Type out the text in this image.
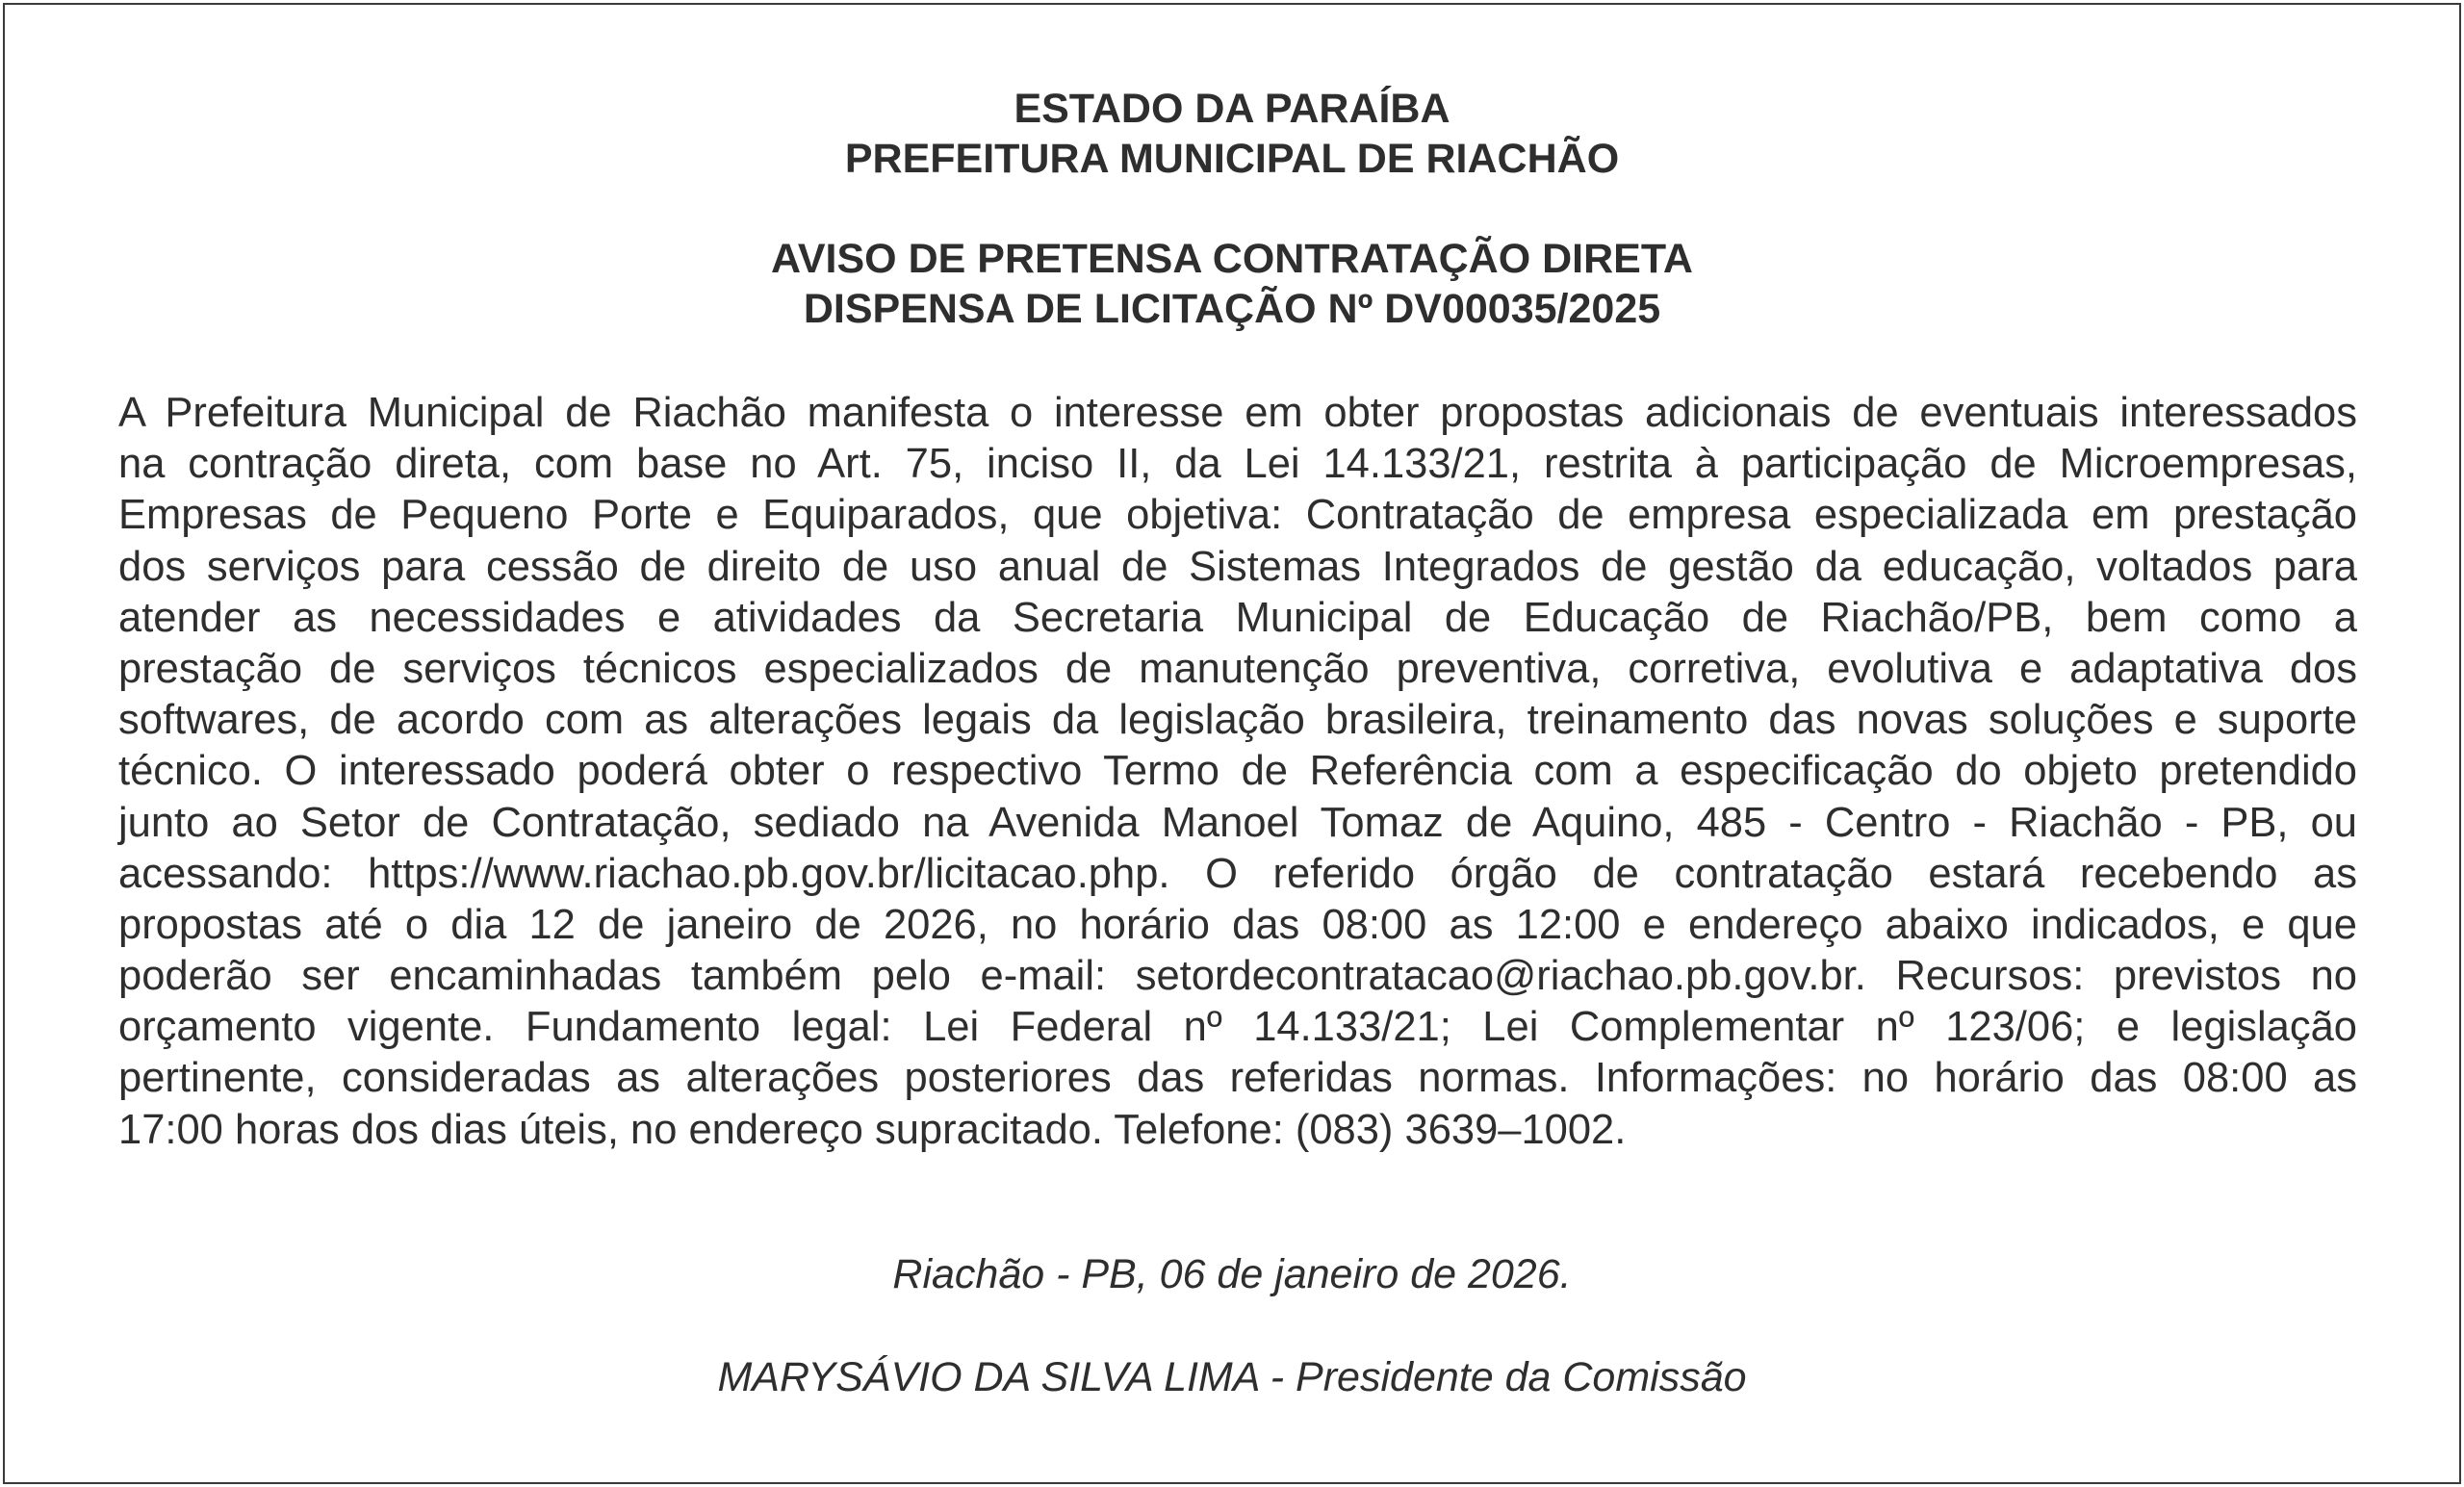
ESTADO DA PARAÍBA
PREFEITURA MUNICIPAL DE RIACHÃO
AVISO DE PRETENSA CONTRATAÇÃO DIRETA
DISPENSA DE LICITAÇÃO Nº DV00035/2025
A Prefeitura Municipal de Riachão manifesta o interesse em obter propostas adicionais de eventuais interessados
na contração direta, com base no Art. 75, inciso II, da Lei 14.133/21, restrita à participação de Microempresas,
Empresas de Pequeno Porte e Equiparados, que objetiva: Contratação de empresa especializada em prestação
dos serviços para cessão de direito de uso anual de Sistemas Integrados de gestão da educação, voltados para
atender as necessidades e atividades da Secretaria Municipal de Educação de Riachão/PB, bem como a
prestação de serviços técnicos especializados de manutenção preventiva, corretiva, evolutiva e adaptativa dos
softwares, de acordo com as alterações legais da legislação brasileira, treinamento das novas soluções e suporte
técnico. O interessado poderá obter o respectivo Termo de Referência com a especificação do objeto pretendido
junto ao Setor de Contratação, sediado na Avenida Manoel Tomaz de Aquino, 485 - Centro - Riachão - PB, ou
acessando: https://www.riachao.pb.gov.br/licitacao.php. O referido órgão de contratação estará recebendo as
propostas até o dia 12 de janeiro de 2026, no horário das 08:00 as 12:00 e endereço abaixo indicados, e que
poderão ser encaminhadas também pelo e-mail: setordecontratacao@riachao.pb.gov.br. Recursos: previstos no
orçamento vigente. Fundamento legal: Lei Federal nº 14.133/21; Lei Complementar nº 123/06; e legislação
pertinente, consideradas as alterações posteriores das referidas normas. Informações: no horário das 08:00 as
17:00 horas dos dias úteis, no endereço supracitado. Telefone: (083) 3639–1002.
Riachão - PB, 06 de janeiro de 2026.
MARYSÁVIO DA SILVA LIMA - Presidente da Comissão
